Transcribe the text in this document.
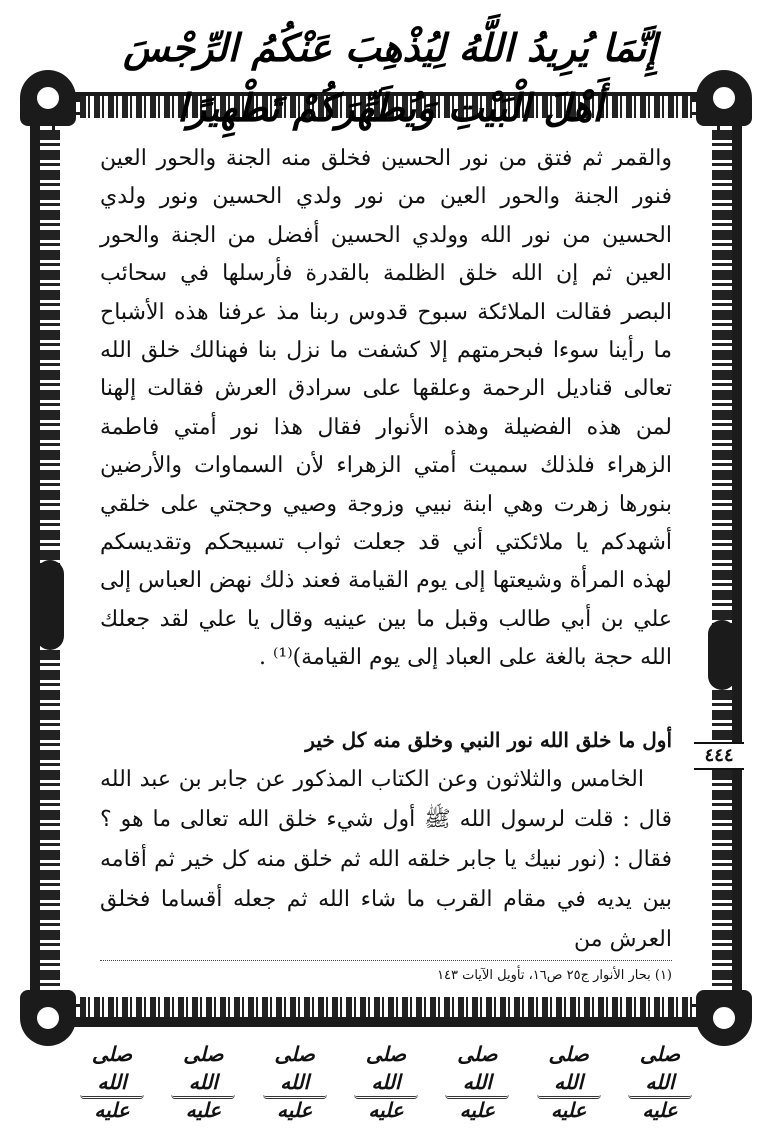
إِنَّمَا يُرِيدُ اللَّهُ لِيُذْهِبَ عَنْكُمُ الرِّجْسَ أَهْلَ الْبَيْتِ وَيُطَهِّرَكُمْ تَطْهِيرًا
٤٤٤

والقمر ثم فتق من نور الحسين فخلق منه الجنة والحور العين فنور الجنة والحور العين من نور ولدي الحسين ونور ولدي الحسين من نور الله وولدي الحسين أفضل من الجنة والحور العين ثم إن الله خلق الظلمة بالقدرة فأرسلها في سحائب البصر فقالت الملائكة سبوح قدوس ربنا مذ عرفنا هذه الأشباح ما رأينا سوءا فبحرمتهم إلا كشفت ما نزل بنا فهنالك خلق الله تعالى قناديل الرحمة وعلقها على سرادق العرش فقالت إلهنا لمن هذه الفضيلة وهذه الأنوار فقال هذا نور أمتي فاطمة الزهراء فلذلك سميت أمتي الزهراء لأن السماوات والأرضين بنورها زهرت وهي ابنة نبيي وزوجة وصيي وحجتي على خلقي أشهدكم يا ملائكتي أني قد جعلت ثواب تسبيحكم وتقديسكم لهذه المرأة وشيعتها إلى يوم القيامة فعند ذلك نهض العباس إلى علي بن أبي طالب وقبل ما بين عينيه وقال يا علي لقد جعلك الله حجة بالغة على العباد إلى يوم القيامة)⁽¹⁾ .

أول ما خلق الله نور النبي وخلق منه كل خير

الخامس والثلاثون وعن الكتاب المذكور عن جابر بن عبد الله قال : قلت لرسول الله ﷺ أول شيء خلق الله تعالى ما هو ؟ فقال : (نور نبيك يا جابر خلقه الله ثم خلق منه كل خير ثم أقامه بين يديه في مقام القرب ما شاء الله ثم جعله أقساما فخلق العرش من

(١) بحار الأنوار ج٢٥ ص١٦، تأويل الآيات ١٤٣
صلى الله عليه
صلى الله عليه
صلى الله عليه
صلى الله عليه
صلى الله عليه
صلى الله عليه
صلى الله عليه
